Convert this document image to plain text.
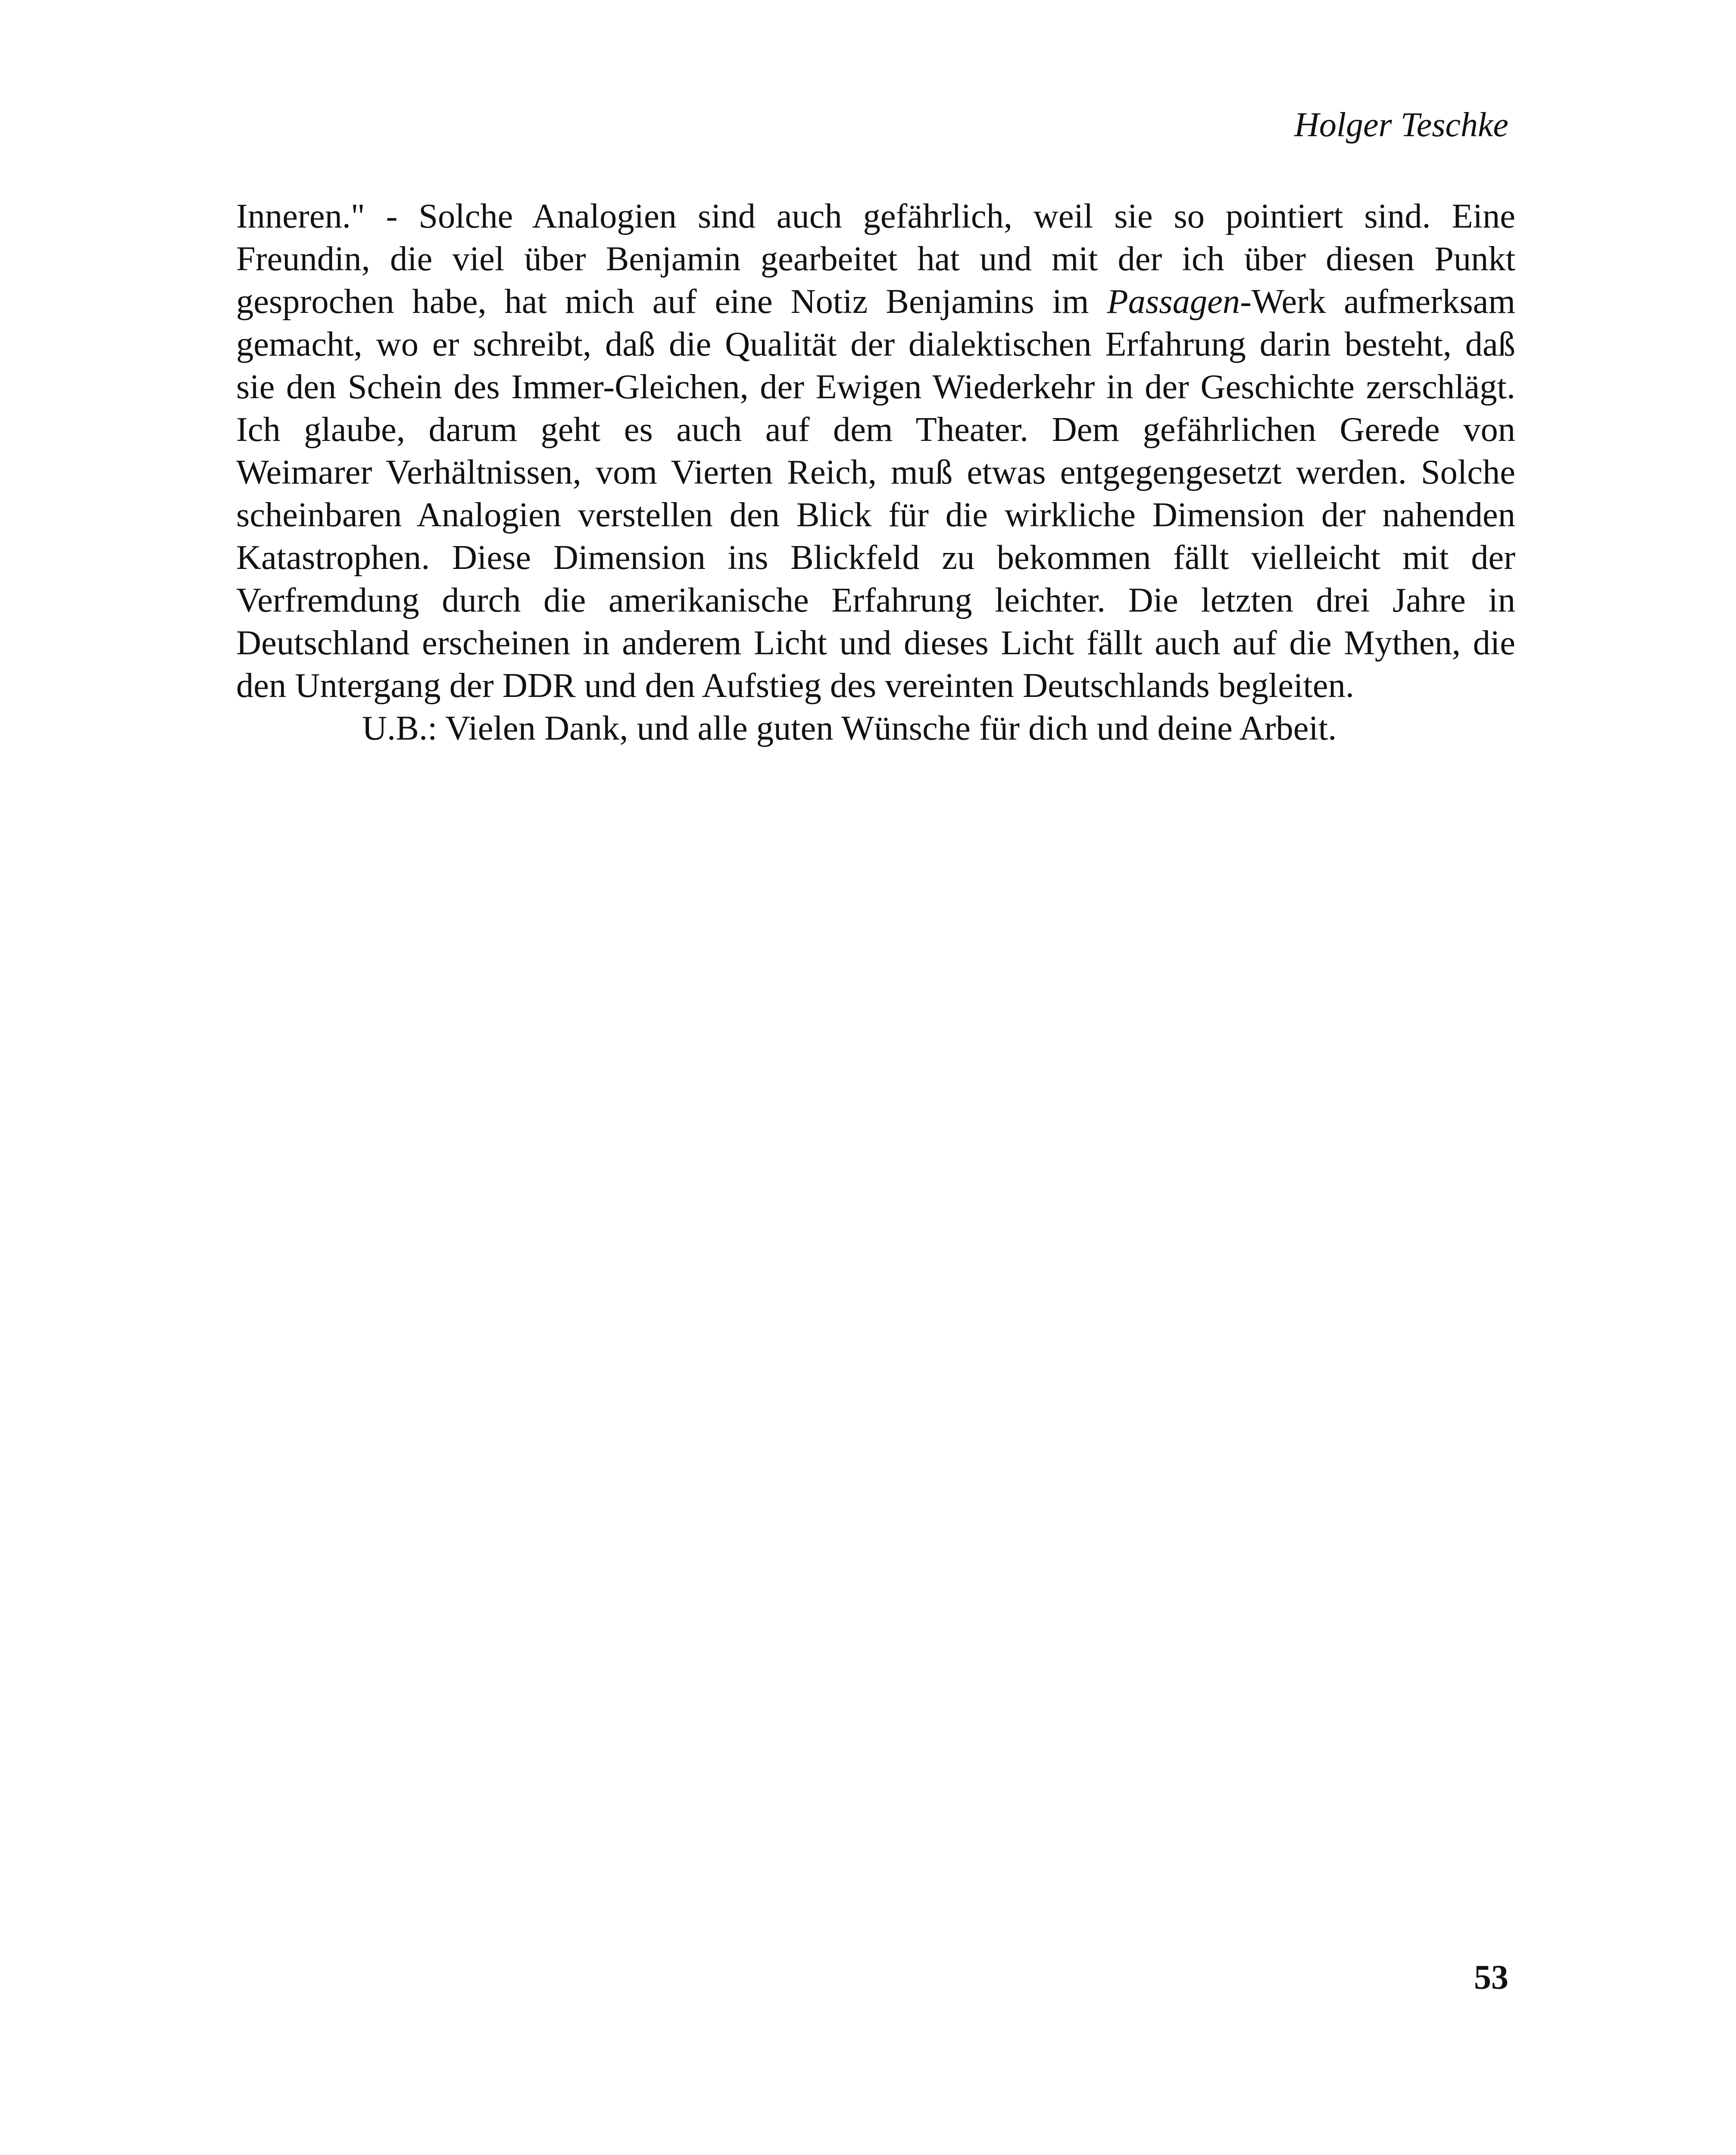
Holger Teschke

Inneren." - Solche Analogien sind auch gefährlich, weil sie so pointiert sind. Eine
Freundin, die viel über Benjamin gearbeitet hat und mit der ich über diesen Punkt
gesprochen habe, hat mich auf eine Notiz Benjamins im Passagen-Werk aufmerksam
gemacht, wo er schreibt, daß die Qualität der dialektischen Erfahrung darin besteht, daß
sie den Schein des Immer-Gleichen, der Ewigen Wiederkehr in der Geschichte zerschlägt.
Ich glaube, darum geht es auch auf dem Theater. Dem gefährlichen Gerede von
Weimarer Verhältnissen, vom Vierten Reich, muß etwas entgegengesetzt werden. Solche
scheinbaren Analogien verstellen den Blick für die wirkliche Dimension der nahenden
Katastrophen. Diese Dimension ins Blickfeld zu bekommen fällt vielleicht mit der
Verfremdung durch die amerikanische Erfahrung leichter. Die letzten drei Jahre in
Deutschland erscheinen in anderem Licht und dieses Licht fällt auch auf die Mythen, die
den Untergang der DDR und den Aufstieg des vereinten Deutschlands begleiten.

U.B.: Vielen Dank, und alle guten Wünsche für dich und deine Arbeit.

53
